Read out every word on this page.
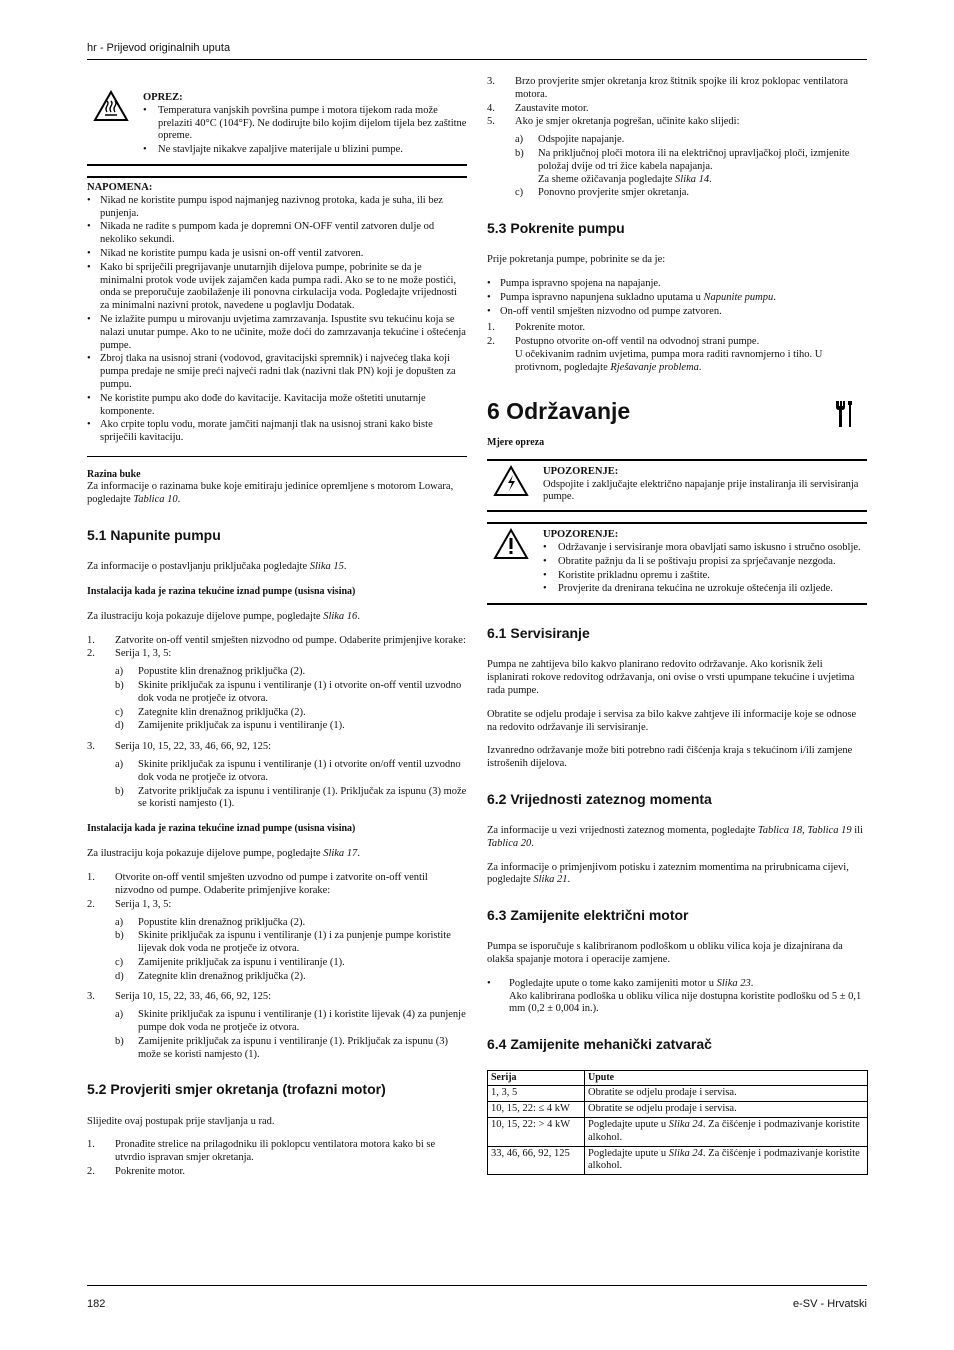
hr - Prijevod originalnih uputa
OPREZ:
• Temperatura vanjskih površina pumpe i motora tijekom rada može prelaziti 40°C (104°F). Ne dodirujte bilo kojim dijelom tijela bez zaštitne opreme.
• Ne stavljajte nikakve zapaljive materijale u blizini pumpe.
NAPOMENA:
• Nikad ne koristite pumpu ispod najmanjeg nazivnog protoka, kada je suha, ili bez punjenja.
• Nikada ne radite s pumpom kada je dopremni ON-OFF ventil zatvoren dulje od nekoliko sekundi.
• Nikad ne koristite pumpu kada je usisni on-off ventil zatvoren.
• Kako bi spriječili pregrijavanje unutarnjih dijelova pumpe, pobrinite se da je minimalni protok vode uvijek zajamčen kada pumpa radi. Ako se to ne može postići, onda se preporučuje zaobilaženje ili ponovna cirkulacija voda. Pogledajte vrijednosti za minimalni nazivni protok, navedene u poglavlju Dodatak.
• Ne izlažite pumpu u mirovanju uvjetima zamrzavanja. Ispustite svu tekućinu koja se nalazi unutar pumpe. Ako to ne učinite, može doći do zamrzavanja tekućine i oštećenja pumpe.
• Zbroj tlaka na usisnoj strani (vodovod, gravitacijski spremnik) i najvećeg tlaka koji pumpa predaje ne smije preći najveći radni tlak (nazivni tlak PN) koji je dopušten za pumpu.
• Ne koristite pumpu ako dođe do kavitacije. Kavitacija može oštetiti unutarnje komponente.
• Ako crpite toplu vodu, morate jamčiti najmanji tlak na usisnoj strani kako biste spriječili kavitaciju.
Razina buke

Za informacije o razinama buke koje emitiraju jedinice opremljene s motorom Lowara, pogledajte Tablica 10.

5.1 Napunite pumpu

Za informacije o postavljanju priključaka pogledajte Slika 15.

Instalacija kada je razina tekućine iznad pumpe (usisna visina)

Za ilustraciju koja pokazuje dijelove pumpe, pogledajte Slika 16.

1. Zatvorite on-off ventil smješten nizvodno od pumpe. Odaberite primjenjive korake:
2. Serija 1, 3, 5:
a) Popustite klin drenažnog priključka (2).
b) Skinite priključak za ispunu i ventiliranje (1) i otvorite on-off ventil uzvodno dok voda ne protječe iz otvora.
c) Zategnite klin drenažnog priključka (2).
d) Zamijenite priključak za ispunu i ventiliranje (1).
3. Serija 10, 15, 22, 33, 46, 66, 92, 125:
a) Skinite priključak za ispunu i ventiliranje (1) i otvorite on/off ventil uzvodno dok voda ne protječe iz otvora.
b) Zatvorite priključak za ispunu i ventiliranje (1). Priključak za ispunu (3) može se koristi namjesto (1).
Instalacija kada je razina tekućine iznad pumpe (usisna visina)

Za ilustraciju koja pokazuje dijelove pumpe, pogledajte Slika 17.

1. Otvorite on-off ventil smješten uzvodno od pumpe i zatvorite on-off ventil nizvodno od pumpe. Odaberite primjenjive korake:
2. Serija 1, 3, 5:
a) Popustite klin drenažnog priključka (2).
b) Skinite priključak za ispunu i ventiliranje (1) i za punjenje pumpe koristite lijevak dok voda ne protječe iz otvora.
c) Zamijenite priključak za ispunu i ventiliranje (1).
d) Zategnite klin drenažnog priključka (2).
3. Serija 10, 15, 22, 33, 46, 66, 92, 125:
a) Skinite priključak za ispunu i ventiliranje (1) i koristite lijevak (4) za punjenje pumpe dok voda ne protječe iz otvora.
b) Zamijenite priključak za ispunu i ventiliranje (1). Priključak za ispunu (3) može se koristi namjesto (1).
5.2 Provjeriti smjer okretanja (trofazni motor)

Slijedite ovaj postupak prije stavljanja u rad.

1. Pronađite strelice na prilagodniku ili poklopcu ventilatora motora kako bi se utvrdio ispravan smjer okretanja.
2. Pokrenite motor.
3. Brzo provjerite smjer okretanja kroz štitnik spojke ili kroz poklopac ventilatora motora.
4. Zaustavite motor.
5. Ako je smjer okretanja pogrešan, učinite kako slijedi:
a) Odspojite napajanje.
b) Na priključnoj ploči motora ili na električnoj upravljačkoj ploči, izmjenite položaj dvije od tri žice kabela napajanja.
Za sheme ožičavanja pogledajte Slika 14.
c) Ponovno provjerite smjer okretanja.
5.3 Pokrenite pumpu

Prije pokretanja pumpe, pobrinite se da je:

• Pumpa ispravno spojena na napajanje.
• Pumpa ispravno napunjena sukladno uputama u Napunite pumpu.
• On-off ventil smješten nizvodno od pumpe zatvoren.
1. Pokrenite motor.
2. Postupno otvorite on-off ventil na odvodnoj strani pumpe.
U očekivanim radnim uvjetima, pumpa mora raditi ravnomjerno i tiho. U protivnom, pogledajte Rješavanje problema.
6 Održavanje
Mjere opreza
UPOZORENJE:
Odspojite i zaključajte električno napajanje prije instaliranja ili servisiranja pumpe.
UPOZORENJE:
• Održavanje i servisiranje mora obavljati samo iskusno i stručno osoblje.
• Obratite pažnju da li se poštivaju propisi za sprječavanje nezgoda.
• Koristite prikladnu opremu i zaštite.
• Provjerite da drenirana tekućina ne uzrokuje oštećenja ili ozljede.
6.1 Servisiranje

Pumpa ne zahtijeva bilo kakvo planirano redovito održavanje. Ako korisnik želi isplanirati rokove redovitog održavanja, oni ovise o vrsti upumpane tekućine i uvjetima rada pumpe.

Obratite se odjelu prodaje i servisa za bilo kakve zahtjeve ili informacije koje se odnose na redovito održavanje ili servisiranje.

Izvanredno održavanje može biti potrebno radi čišćenja kraja s tekućinom i/ili zamjene istrošenih dijelova.

6.2 Vrijednosti zateznog momenta

Za informacije u vezi vrijednosti zateznog momenta, pogledajte Tablica 18, Tablica 19 ili Tablica 20.

Za informacije o primjenjivom potisku i zateznim momentima na prirubnicama cijevi, pogledajte Slika 21.

6.3 Zamijenite električni motor

Pumpa se isporučuje s kalibriranom podloškom u obliku vilica koja je dizajnirana da olakša spajanje motora i operacije zamjene.

• Pogledajte upute o tome kako zamijeniti motor u Slika 23.
Ako kalibrirana podloška u obliku vilica nije dostupna koristite podlošku od 5 ± 0,1 mm (0,2 ± 0,004 in.).
6.4 Zamijenite mehanički zatvarač
Serija	Upute
1, 3, 5	Obratite se odjelu prodaje i servisa.
10, 15, 22: ≤ 4 kW	Obratite se odjelu prodaje i servisa.
10, 15, 22: > 4 kW	Pogledajte upute u Slika 24. Za čišćenje i podmazivanje koristite alkohol.
33, 46, 66, 92, 125	Pogledajte upute u Slika 24. Za čišćenje i podmazivanje koristite alkohol.
182	e-SV - Hrvatski
